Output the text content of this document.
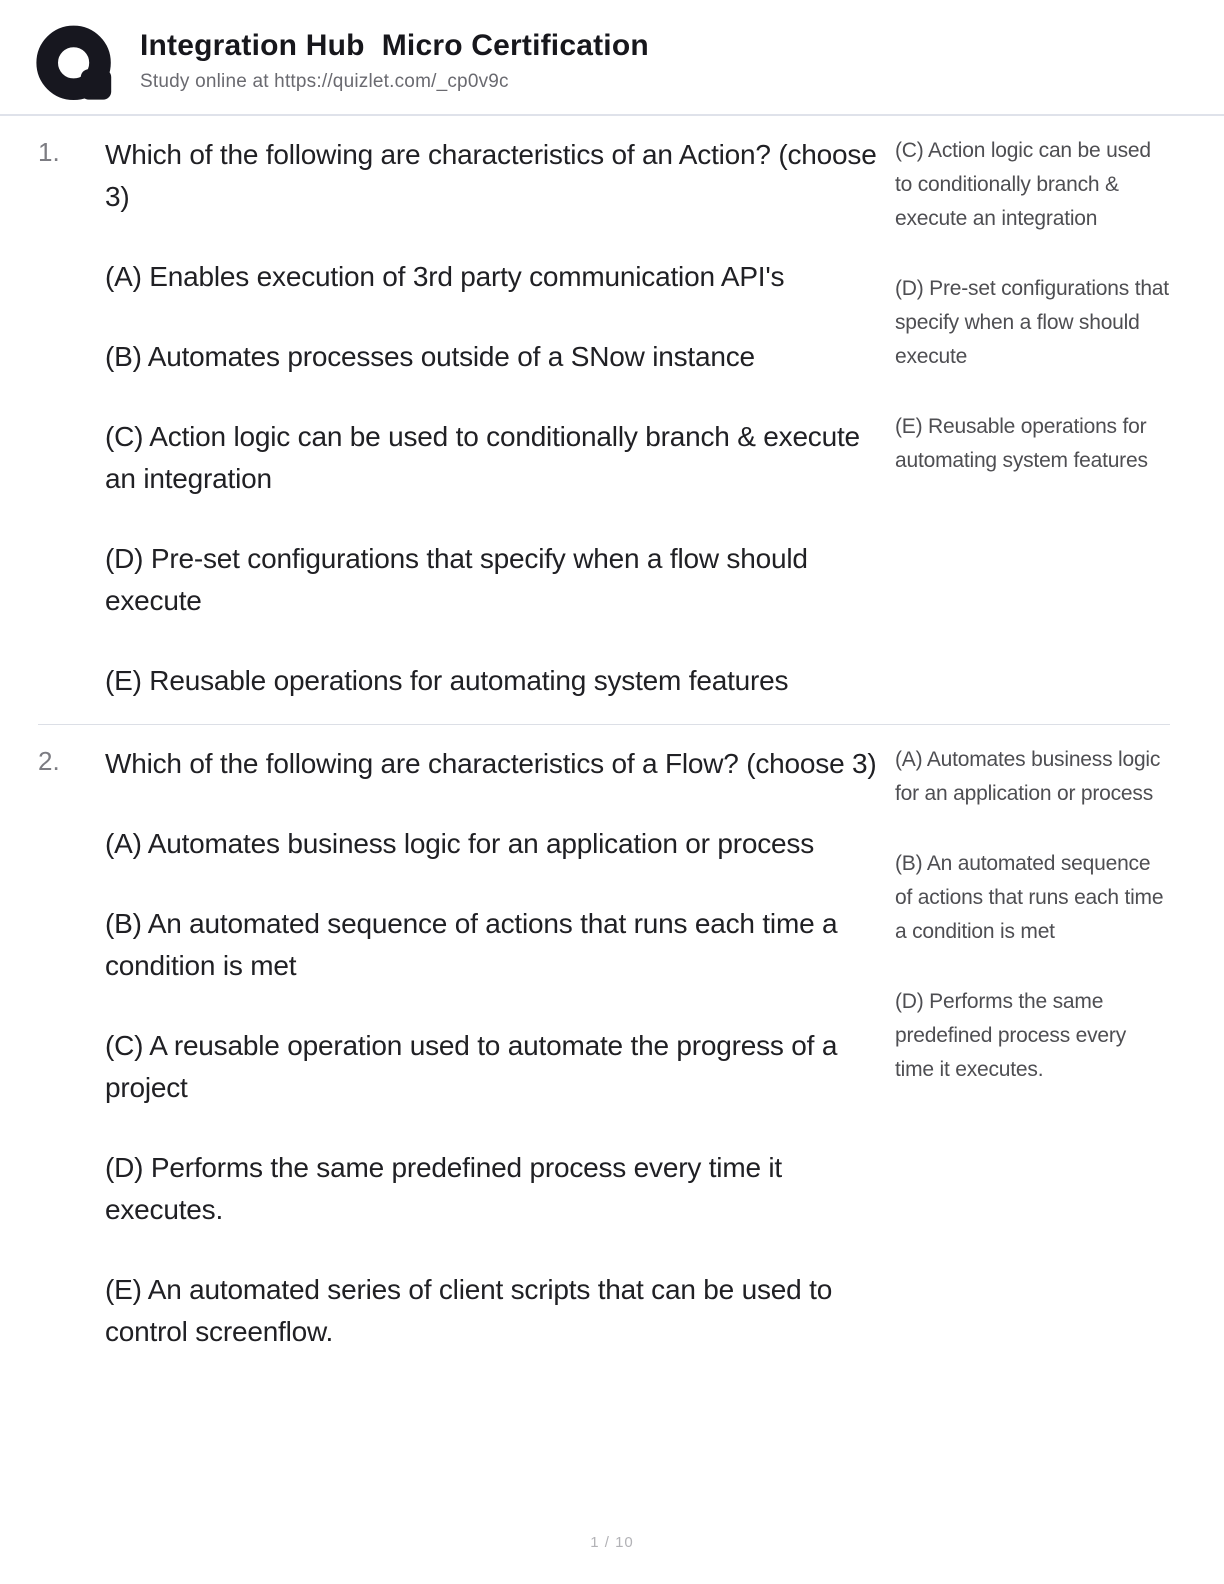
Integration Hub  Micro Certification
Study online at https://quizlet.com/_cp0v9c
1.	Which of the following are characteristics of an Action? (choose 3)

(A) Enables execution of 3rd party communication API's

(B) Automates processes outside of a SNow instance

(C) Action logic can be used to conditionally branch & execute an integration

(D) Pre-set configurations that specify when a flow should execute

(E) Reusable operations for automating system features

(C) Action logic can be used to conditionally branch & execute an integration

(D) Pre-set configurations that specify when a flow should execute

(E) Reusable operations for automating system features

2.	Which of the following are characteristics of a Flow? (choose 3)

(A) Automates business logic for an application or process

(B) An automated sequence of actions that runs each time a condition is met

(C) A reusable operation used to automate the progress of a project

(D) Performs the same predefined process every time it executes.

(E) An automated series of client scripts that can be used to control screenflow.

(A) Automates business logic for an application or process

(B) An automated sequence of actions that runs each time a condition is met

(D) Performs the same predefined process every time it executes.

1 / 10
